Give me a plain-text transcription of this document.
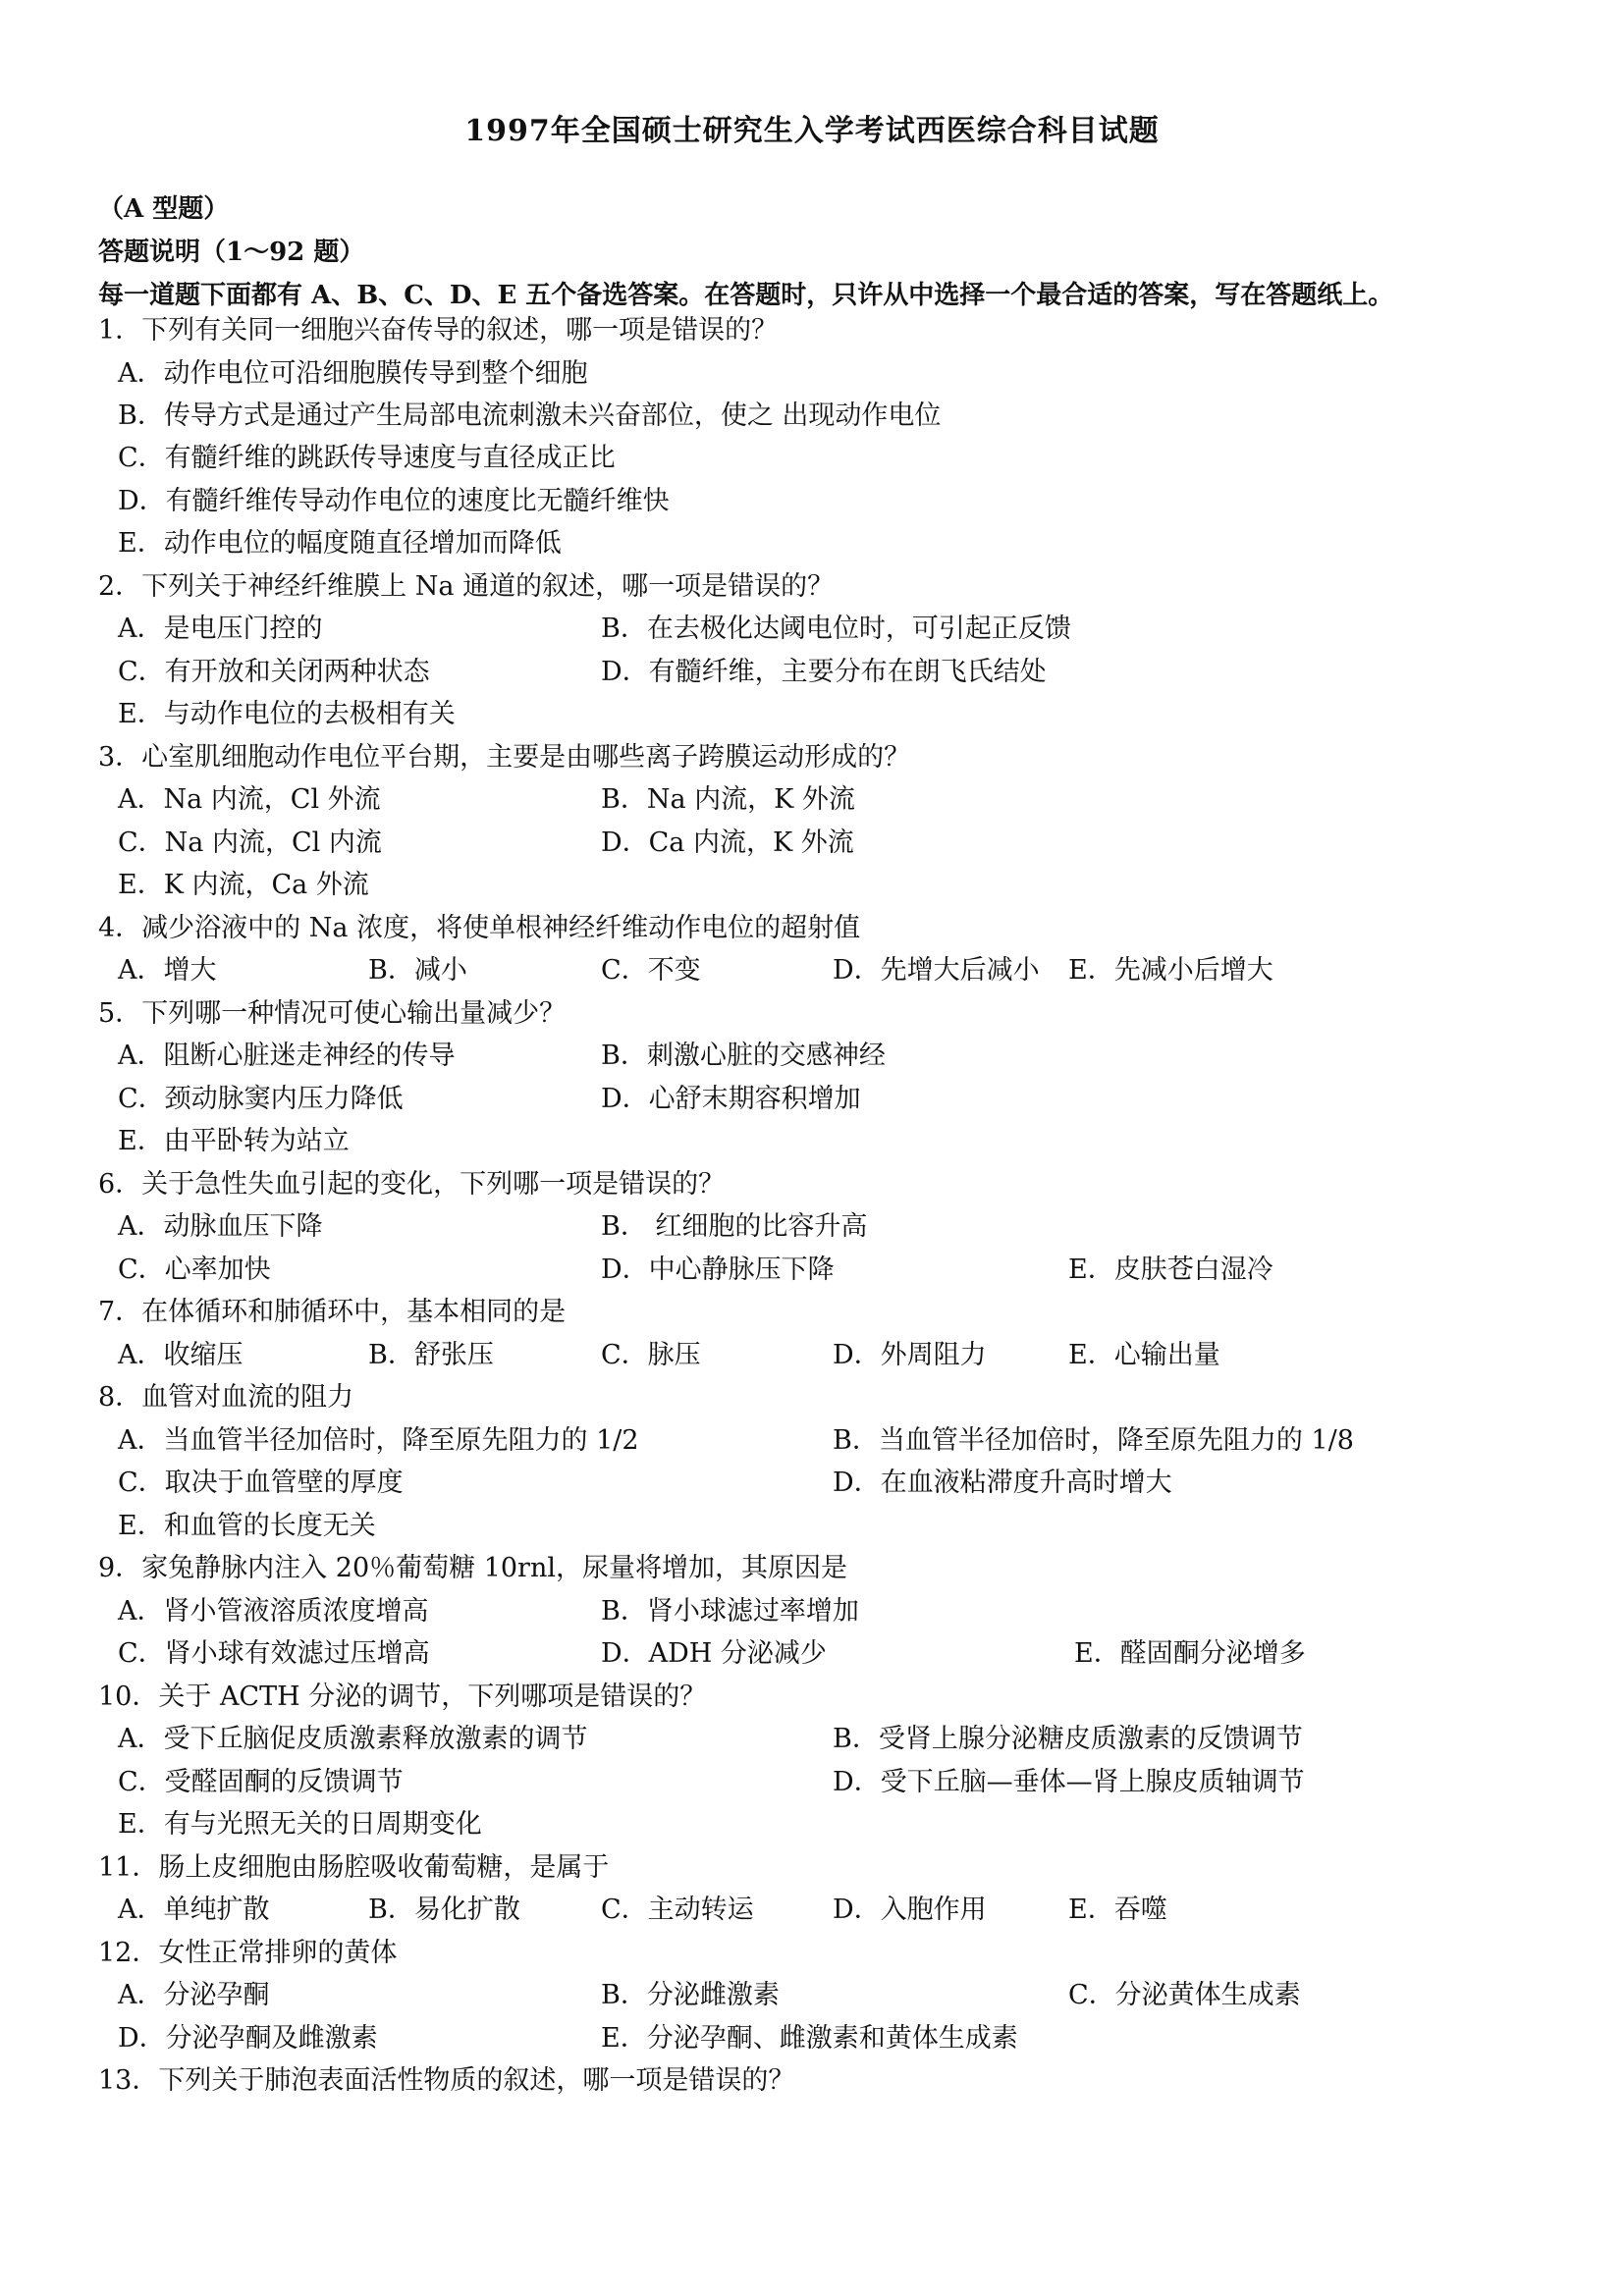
1997年全国硕士研究生入学考试西医综合科目试题
（A 型题）
答题说明（1～92 题）
每一道题下面都有 A、B、C、D、E 五个备选答案。在答题时，只许从中选择一个最合适的答案，写在答题纸上。
1．下列有关同一细胞兴奋传导的叙述，哪一项是错误的？
A．动作电位可沿细胞膜传导到整个细胞
B．传导方式是通过产生局部电流刺激未兴奋部位，使之 出现动作电位
C．有髓纤维的跳跃传导速度与直径成正比
D．有髓纤维传导动作电位的速度比无髓纤维快
E．动作电位的幅度随直径增加而降低
2．下列关于神经纤维膜上 Na 通道的叙述，哪一项是错误的？
A．是电压门控的	B．在去极化达阈电位时，可引起正反馈
C．有开放和关闭两种状态	D．有髓纤维，主要分布在朗飞氏结处
E．与动作电位的去极相有关
3．心室肌细胞动作电位平台期，主要是由哪些离子跨膜运动形成的？
A．Na 内流，Cl 外流	B．Na 内流，K 外流
C．Na 内流，Cl 内流	D．Ca 内流，K 外流
E．K 内流，Ca 外流
4．减少浴液中的 Na 浓度，将使单根神经纤维动作电位的超射值
A．增大	B．减小	C．不变	D．先增大后减小 E．先减小后增大
5．下列哪一种情况可使心输出量减少？
A．阻断心脏迷走神经的传导	B．刺激心脏的交感神经
C．颈动脉窦内压力降低	D．心舒末期容积增加
E．由平卧转为站立
6．关于急性失血引起的变化，下列哪一项是错误的？
A．动脉血压下降	B． 红细胞的比容升高
C．心率加快	D．中心静脉压下降	E．皮肤苍白湿冷
7．在体循环和肺循环中，基本相同的是
A．收缩压	B．舒张压	C．脉压	D．外周阻力	E．心输出量
8．血管对血流的阻力
A．当血管半径加倍时，降至原先阻力的 1/2	B．当血管半径加倍时，降至原先阻力的 1/8
C．取决于血管壁的厚度	D．在血液粘滞度升高时增大
E．和血管的长度无关
9．家兔静脉内注入 20％葡萄糖 10rnl，尿量将增加，其原因是
A．肾小管液溶质浓度增高	B．肾小球滤过率增加
C．肾小球有效滤过压增高	D．ADH 分泌减少	E．醛固酮分泌增多
10．关于 ACTH 分泌的调节，下列哪项是错误的？
A．受下丘脑促皮质激素释放激素的调节	B．受肾上腺分泌糖皮质激素的反馈调节
C．受醛固酮的反馈调节	D．受下丘脑—垂体—肾上腺皮质轴调节
E．有与光照无关的日周期变化
11．肠上皮细胞由肠腔吸收葡萄糖，是属于
A．单纯扩散	B．易化扩散	C．主动转运	D．入胞作用	E．吞噬
12．女性正常排卵的黄体
A．分泌孕酮	B．分泌雌激素	C．分泌黄体生成素
D．分泌孕酮及雌激素	E．分泌孕酮、雌激素和黄体生成素
13．下列关于肺泡表面活性物质的叙述，哪一项是错误的？
